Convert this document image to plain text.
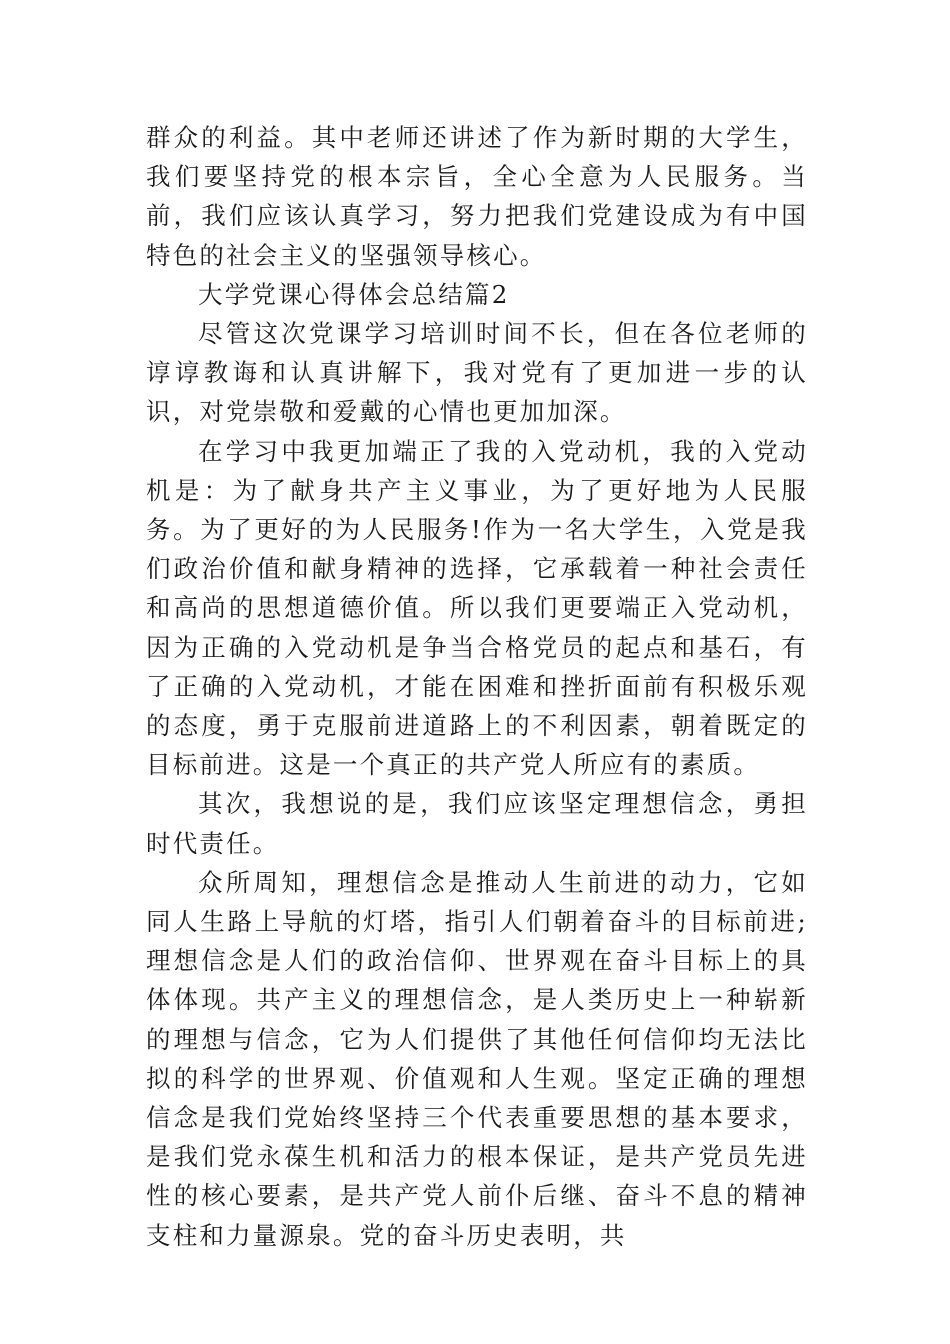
群众的利益。其中老师还讲述了作为新时期的大学生，我们要坚持党的根本宗旨，全心全意为人民服务。当前，我们应该认真学习，努力把我们党建设成为有中国特色的社会主义的坚强领导核心。

大学党课心得体会总结篇2

尽管这次党课学习培训时间不长，但在各位老师的谆谆教诲和认真讲解下，我对党有了更加进一步的认识，对党崇敬和爱戴的心情也更加加深。

在学习中我更加端正了我的入党动机，我的入党动机是：为了献身共产主义事业，为了更好地为人民服务。为了更好的为人民服务!作为一名大学生，入党是我们政治价值和献身精神的选择，它承载着一种社会责任和高尚的思想道德价值。所以我们更要端正入党动机，因为正确的入党动机是争当合格党员的起点和基石，有了正确的入党动机，才能在困难和挫折面前有积极乐观的态度，勇于克服前进道路上的不利因素，朝着既定的目标前进。这是一个真正的共产党人所应有的素质。

其次，我想说的是，我们应该坚定理想信念，勇担时代责任。

众所周知，理想信念是推动人生前进的动力，它如同人生路上导航的灯塔，指引人们朝着奋斗的目标前进;理想信念是人们的政治信仰、世界观在奋斗目标上的具体体现。共产主义的理想信念，是人类历史上一种崭新的理想与信念，它为人们提供了其他任何信仰均无法比拟的科学的世界观、价值观和人生观。坚定正确的理想信念是我们党始终坚持三个代表重要思想的基本要求，是我们党永葆生机和活力的根本保证，是共产党员先进性的核心要素，是共产党人前仆后继、奋斗不息的精神支柱和力量源泉。党的奋斗历史表明，共
